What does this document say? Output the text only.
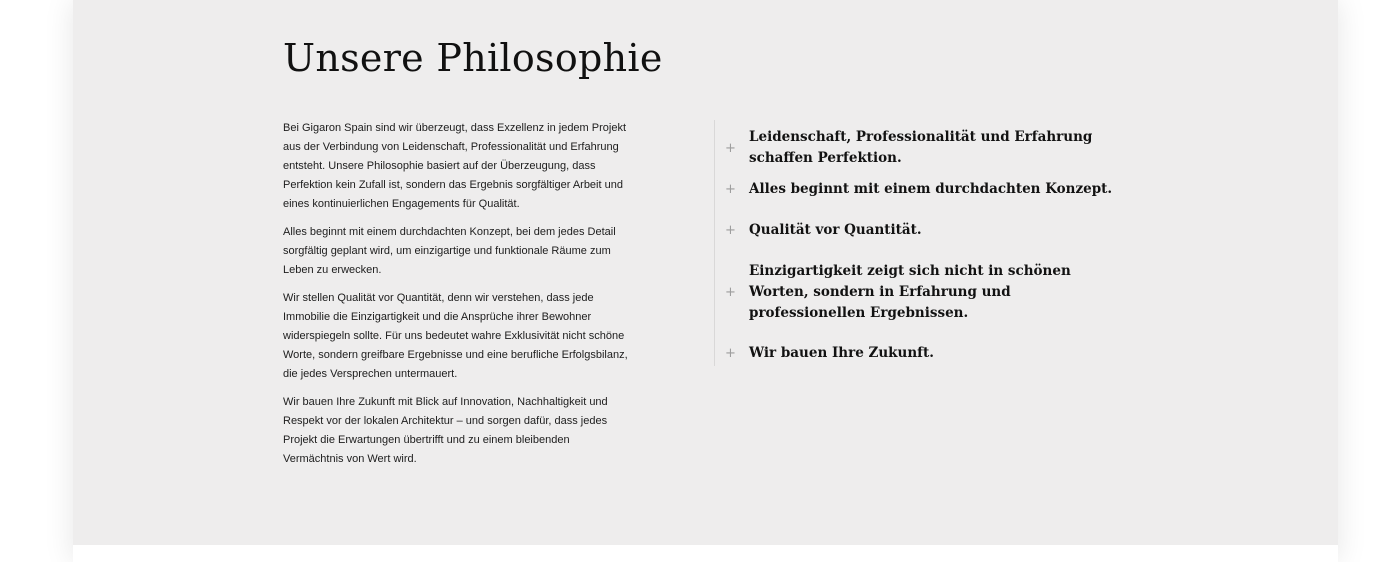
Unsere Philosophie

Bei Gigaron Spain sind wir überzeugt, dass Exzellenz in jedem Projekt aus der Verbindung von Leidenschaft, Professionalität und Erfahrung entsteht. Unsere Philosophie basiert auf der Überzeugung, dass Perfektion kein Zufall ist, sondern das Ergebnis sorgfältiger Arbeit und eines kontinuierlichen Engagements für Qualität.

Alles beginnt mit einem durchdachten Konzept, bei dem jedes Detail sorgfältig geplant wird, um einzigartige und funktionale Räume zum Leben zu erwecken.

Wir stellen Qualität vor Quantität, denn wir verstehen, dass jede Immobilie die Einzigartigkeit und die Ansprüche ihrer Bewohner widerspiegeln sollte. Für uns bedeutet wahre Exklusivität nicht schöne Worte, sondern greifbare Ergebnisse und eine berufliche Erfolgsbilanz, die jedes Versprechen untermauert.

Wir bauen Ihre Zukunft mit Blick auf Innovation, Nachhaltigkeit und Respekt vor der lokalen Architektur – und sorgen dafür, dass jedes Projekt die Erwartungen übertrifft und zu einem bleibenden Vermächtnis von Wert wird.

+
Leidenschaft, Professionalität und Erfahrung schaffen Perfektion.
+ Alles beginnt mit einem durchdachten Konzept.
+ Qualität vor Quantität.
+
Einzigartigkeit zeigt sich nicht in schönen Worten, sondern in Erfahrung und professionellen Ergebnissen.
+ Wir bauen Ihre Zukunft.
